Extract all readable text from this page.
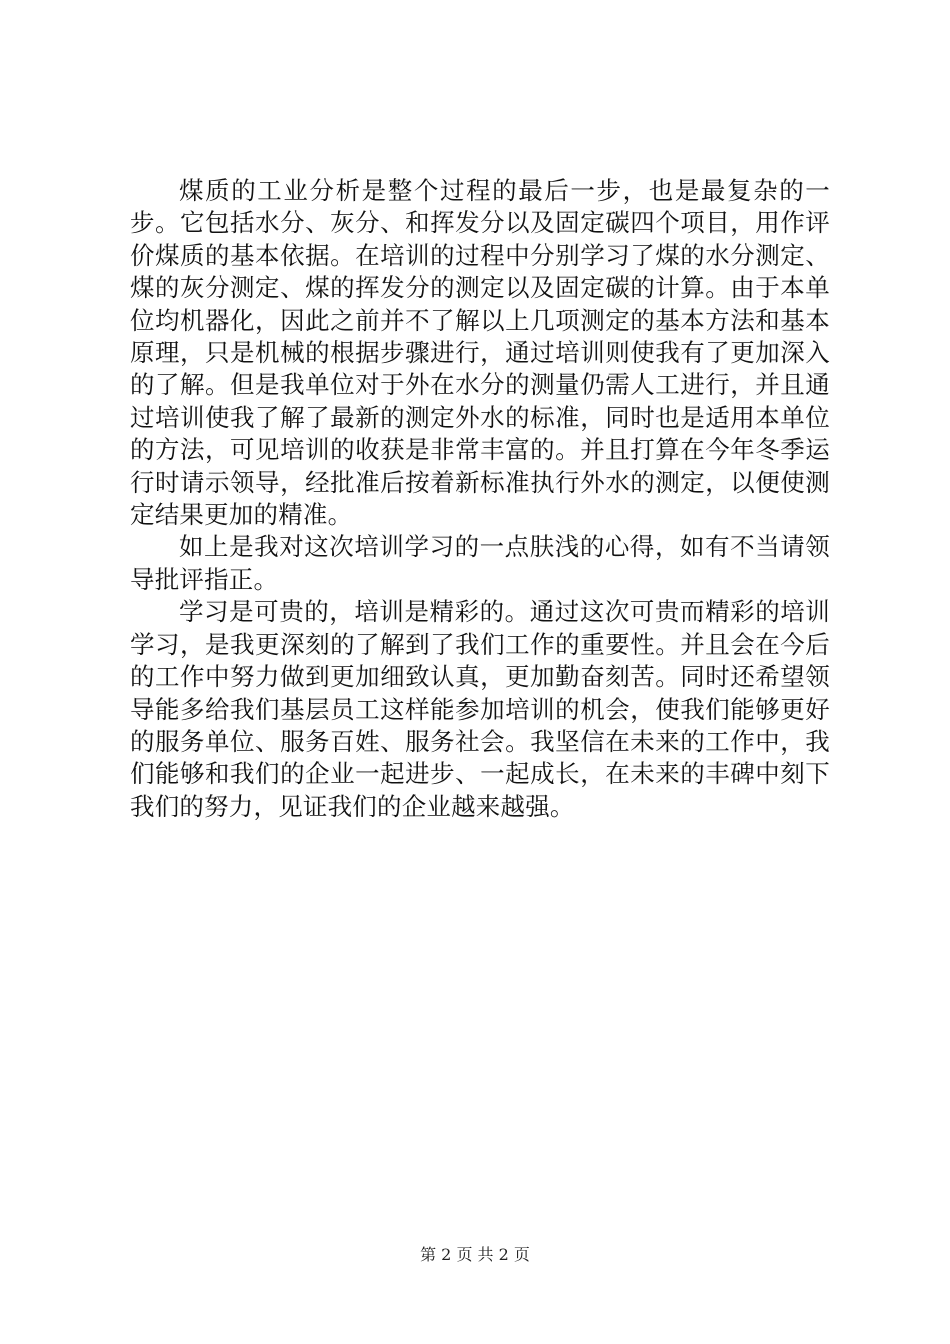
煤质的工业分析是整个过程的最后一步，也是最复杂的一步。它包括水分、灰分、和挥发分以及固定碳四个项目，用作评价煤质的基本依据。在培训的过程中分别学习了煤的水分测定、煤的灰分测定、煤的挥发分的测定以及固定碳的计算。由于本单位均机器化，因此之前并不了解以上几项测定的基本方法和基本原理，只是机械的根据步骤进行，通过培训则使我有了更加深入的了解。但是我单位对于外在水分的测量仍需人工进行，并且通过培训使我了解了最新的测定外水的标准，同时也是适用本单位的方法，可见培训的收获是非常丰富的。并且打算在今年冬季运行时请示领导，经批准后按着新标准执行外水的测定，以便使测定结果更加的精准。

如上是我对这次培训学习的一点肤浅的心得，如有不当请领导批评指正。

学习是可贵的，培训是精彩的。通过这次可贵而精彩的培训学习，是我更深刻的了解到了我们工作的重要性。并且会在今后的工作中努力做到更加细致认真，更加勤奋刻苦。同时还希望领导能多给我们基层员工这样能参加培训的机会，使我们能够更好的服务单位、服务百姓、服务社会。我坚信在未来的工作中，我们能够和我们的企业一起进步、一起成长，在未来的丰碑中刻下我们的努力，见证我们的企业越来越强。

第 2 页 共 2 页
